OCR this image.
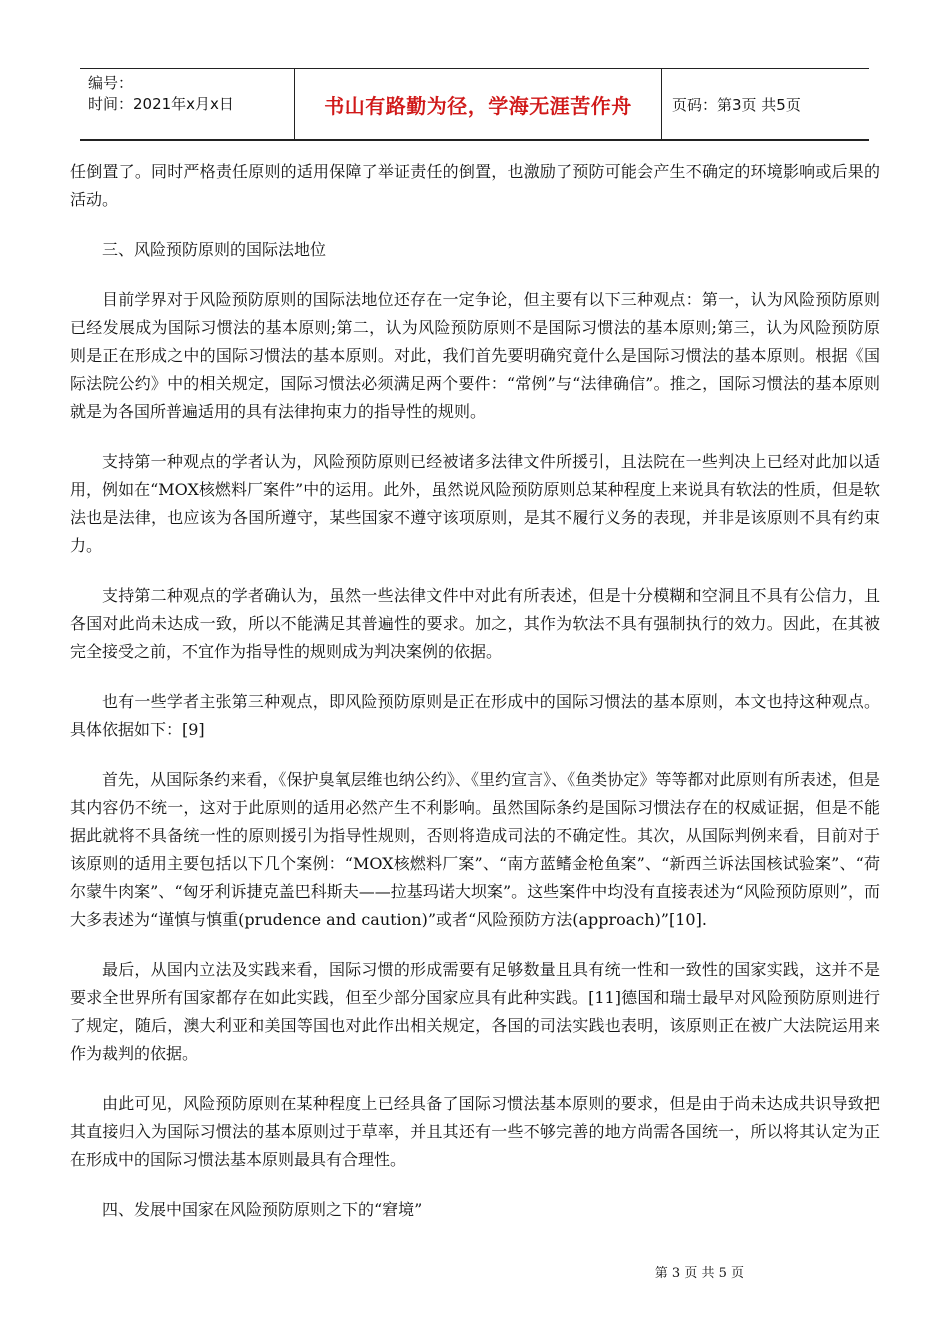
编号：
时间：2021年x月x日	书山有路勤为径，学海无涯苦作舟	页码：第3页 共5页

任倒置了。同时严格责任原则的适用保障了举证责任的倒置，也激励了预防可能会产生不确定的环境影响或后果的活动。

三、风险预防原则的国际法地位

目前学界对于风险预防原则的国际法地位还存在一定争论，但主要有以下三种观点：第一，认为风险预防原则已经发展成为国际习惯法的基本原则;第二，认为风险预防原则不是国际习惯法的基本原则;第三，认为风险预防原则是正在形成之中的国际习惯法的基本原则。对此，我们首先要明确究竟什么是国际习惯法的基本原则。根据《国际法院公约》中的相关规定，国际习惯法必须满足两个要件：“常例”与“法律确信”。推之，国际习惯法的基本原则就是为各国所普遍适用的具有法律拘束力的指导性的规则。

支持第一种观点的学者认为，风险预防原则已经被诸多法律文件所援引，且法院在一些判决上已经对此加以适用，例如在“MOX核燃料厂案件”中的运用。此外，虽然说风险预防原则总某种程度上来说具有软法的性质，但是软法也是法律，也应该为各国所遵守，某些国家不遵守该项原则，是其不履行义务的表现，并非是该原则不具有约束力。

支持第二种观点的学者确认为，虽然一些法律文件中对此有所表述，但是十分模糊和空洞且不具有公信力，且各国对此尚未达成一致，所以不能满足其普遍性的要求。加之，其作为软法不具有强制执行的效力。因此，在其被完全接受之前，不宜作为指导性的规则成为判决案例的依据。

也有一些学者主张第三种观点，即风险预防原则是正在形成中的国际习惯法的基本原则，本文也持这种观点。具体依据如下：[9]

首先，从国际条约来看，《保护臭氧层维也纳公约》、《里约宣言》、《鱼类协定》等等都对此原则有所表述，但是其内容仍不统一，这对于此原则的适用必然产生不利影响。虽然国际条约是国际习惯法存在的权威证据，但是不能据此就将不具备统一性的原则援引为指导性规则，否则将造成司法的不确定性。其次，从国际判例来看，目前对于该原则的适用主要包括以下几个案例：“MOX核燃料厂案”、“南方蓝鳍金枪鱼案”、“新西兰诉法国核试验案”、“荷尔蒙牛肉案”、“匈牙利诉捷克盖巴科斯夫——拉基玛诺大坝案”。这些案件中均没有直接表述为“风险预防原则”，而大多表述为“谨慎与慎重(prudence and caution)”或者“风险预防方法(approach)”[10].

最后，从国内立法及实践来看，国际习惯的形成需要有足够数量且具有统一性和一致性的国家实践，这并不是要求全世界所有国家都存在如此实践，但至少部分国家应具有此种实践。[11]德国和瑞士最早对风险预防原则进行了规定，随后，澳大利亚和美国等国也对此作出相关规定，各国的司法实践也表明，该原则正在被广大法院运用来作为裁判的依据。

由此可见，风险预防原则在某种程度上已经具备了国际习惯法基本原则的要求，但是由于尚未达成共识导致把其直接归入为国际习惯法的基本原则过于草率，并且其还有一些不够完善的地方尚需各国统一，所以将其认定为正在形成中的国际习惯法基本原则最具有合理性。

四、发展中国家在风险预防原则之下的“窘境”

第 3 页 共 5 页
